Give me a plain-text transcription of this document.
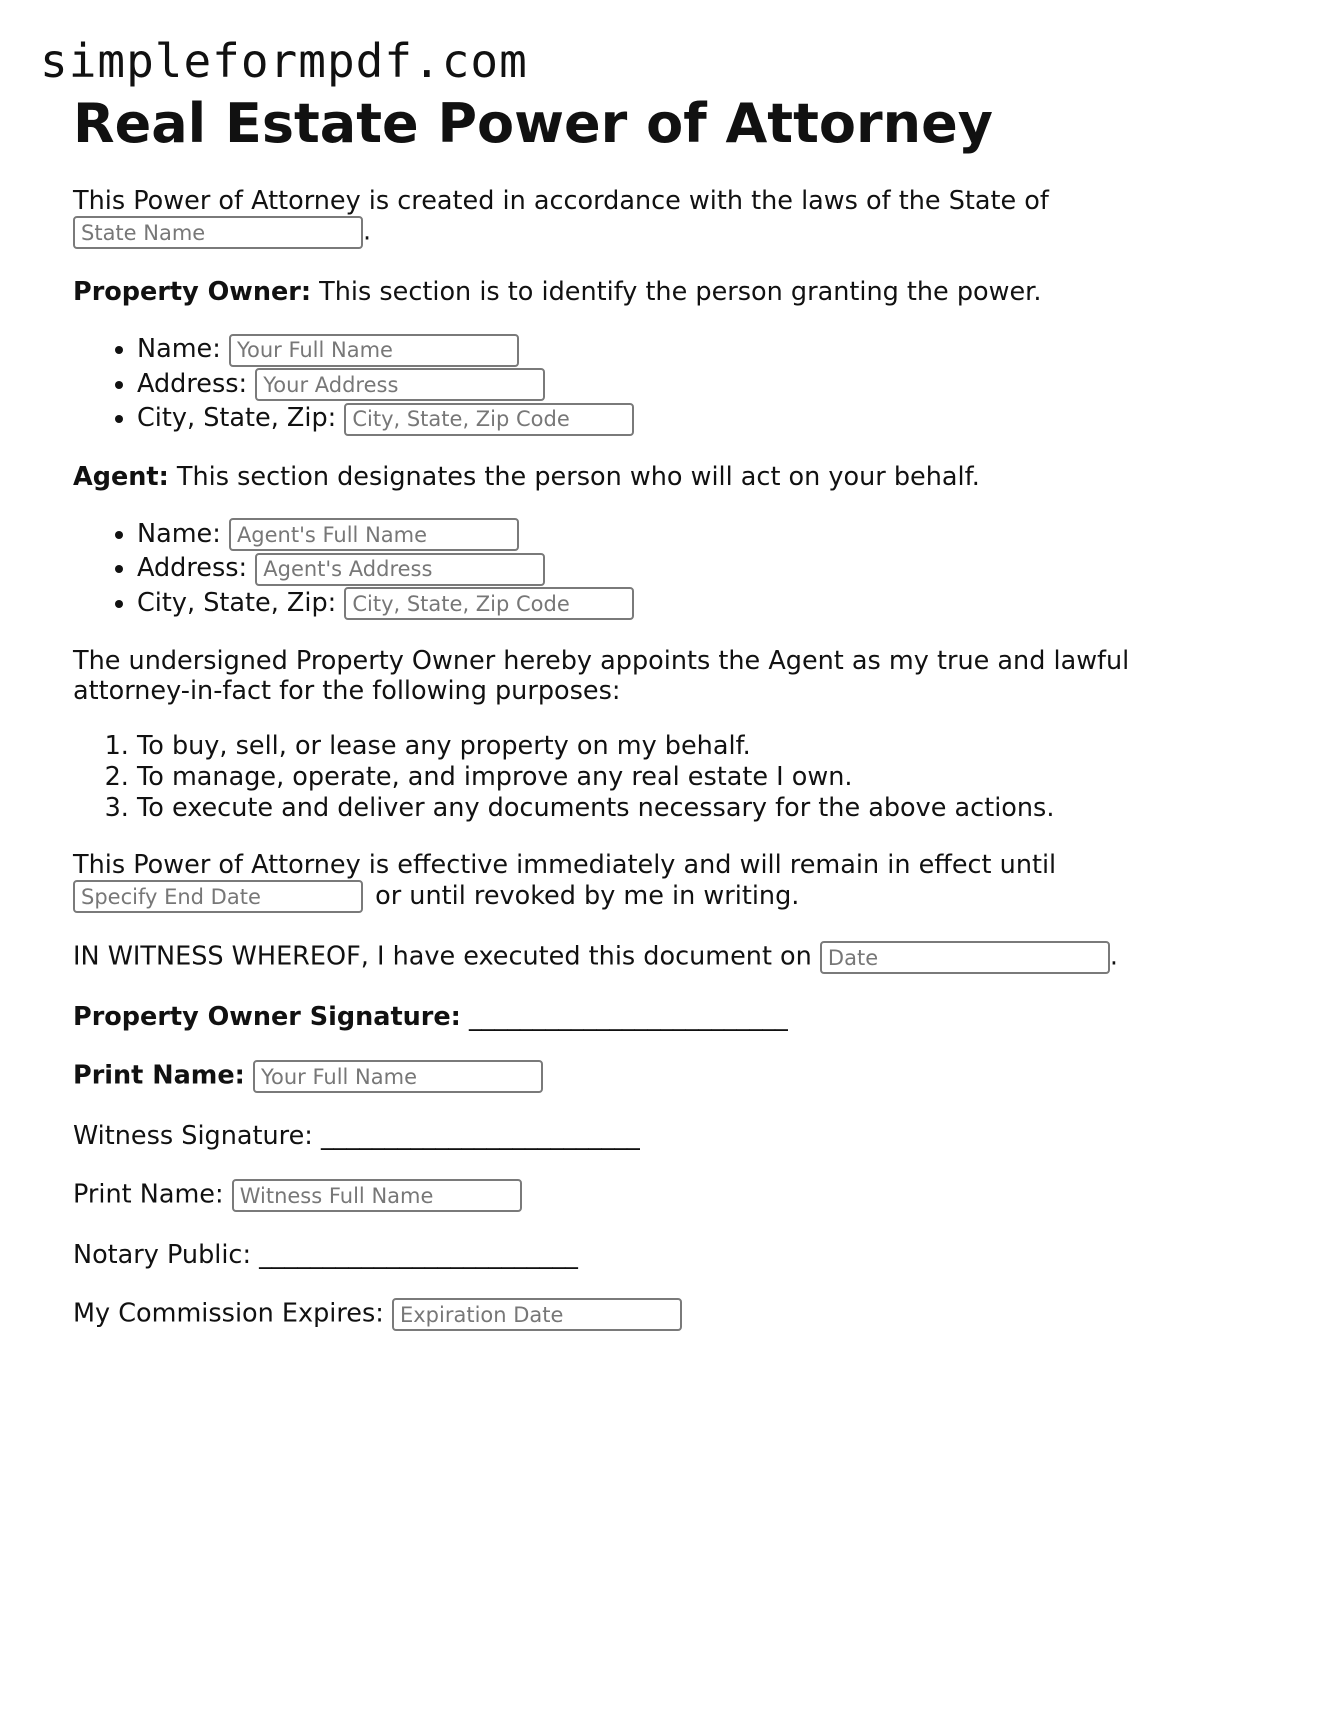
simpleformpdf.com
Real Estate Power of Attorney

This Power of Attorney is created in accordance with the laws of the State of
State Name.

Property Owner: This section is to identify the person granting the power.

• Name: Your Full Name
• Address: Your Address
• City, State, Zip: City, State, Zip Code

Agent: This section designates the person who will act on your behalf.

• Name: Agent's Full Name
• Address: Agent's Address
• City, State, Zip: City, State, Zip Code

The undersigned Property Owner hereby appoints the Agent as my true and lawful attorney-in-fact for the following purposes:

1. To buy, sell, or lease any property on my behalf.
2. To manage, operate, and improve any real estate I own.
3. To execute and deliver any documents necessary for the above actions.

This Power of Attorney is effective immediately and will remain in effect until
Specify End Date or until revoked by me in writing.

IN WITNESS WHEREOF, I have executed this document on Date	.

Property Owner Signature: _________________________

Print Name: Your Full Name

Witness Signature: _________________________

Print Name: Witness Full Name

Notary Public: _________________________

My Commission Expires: Expiration Date
